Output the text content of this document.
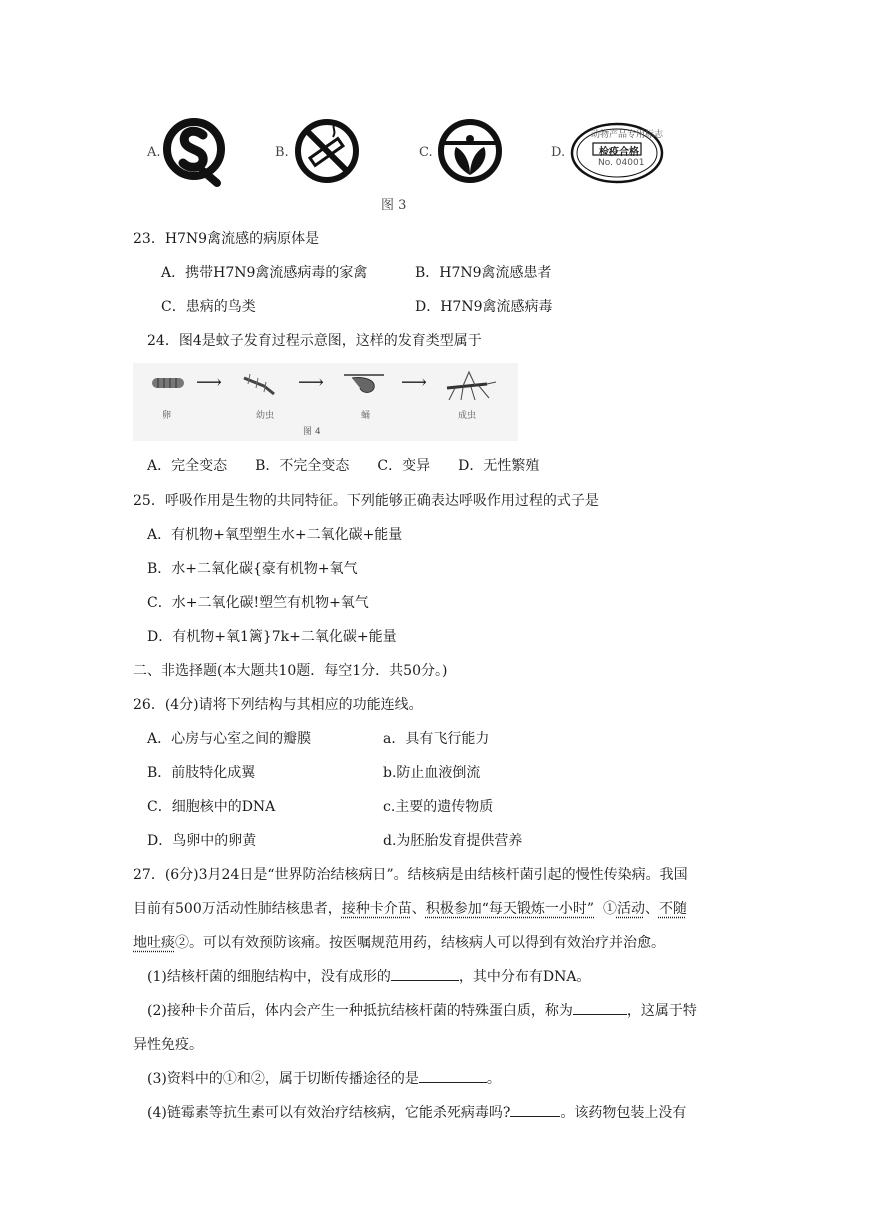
A.	B.	C.	D.
动物产品专用标志
检疫合格
No. 04001
图 3
23．H7N9禽流感的病原体是
A．携带H7N9禽流感病毒的家禽	B．H7N9禽流感患者
C．患病的鸟类	D．H7N9禽流感病毒
24．图4是蚊子发育过程示意图，这样的发育类型属于
⟶	⟶	⟶
卵	幼虫	蛹	成虫
图 4
A．完全变态　　B．不完全变态　　C．变异　　D．无性繁殖
25．呼吸作用是生物的共同特征。下列能够正确表达呼吸作用过程的式子是
A．有机物+氧型塑生水+二氧化碳+能量
B．水+二氧化碳{豪有机物+氧气
C．水+二氧化碳!塑竺有机物+氧气
D．有机物+氧1篱}7k+二氧化碳+能量
二、非选择题(本大题共10题．每空1分．共50分。)
26．(4分)请将下列结构与其相应的功能连线。
A．心房与心室之间的瓣膜	a．具有飞行能力
B．前肢特化成翼	b.防止血液倒流
C．细胞核中的DNA	c.主要的遗传物质
D．鸟卵中的卵黄	d.为胚胎发育提供营养
27．(6分)3月24日是“世界防治结核病日”。结核病是由结核杆菌引起的慢性传染病。我国
目前有500万活动性肺结核患者，接种卡介苗、积极参加“每天锻炼一小时”  ①活动、不随
地吐痰②。可以有效预防该痛。按医嘱规范用药，结核病人可以得到有效治疗并治愈。
(1)结核杆菌的细胞结构中，没有成形的	，其中分布有DNA。
(2)接种卡介苗后，体内会产生一种抵抗结核杆菌的特殊蛋白质，称为	，这属于特
异性免疫。
(3)资料中的①和②，属于切断传播途径的是	。
(4)链霉素等抗生素可以有效治疗结核病，它能杀死病毒吗?	。该药物包装上没有
